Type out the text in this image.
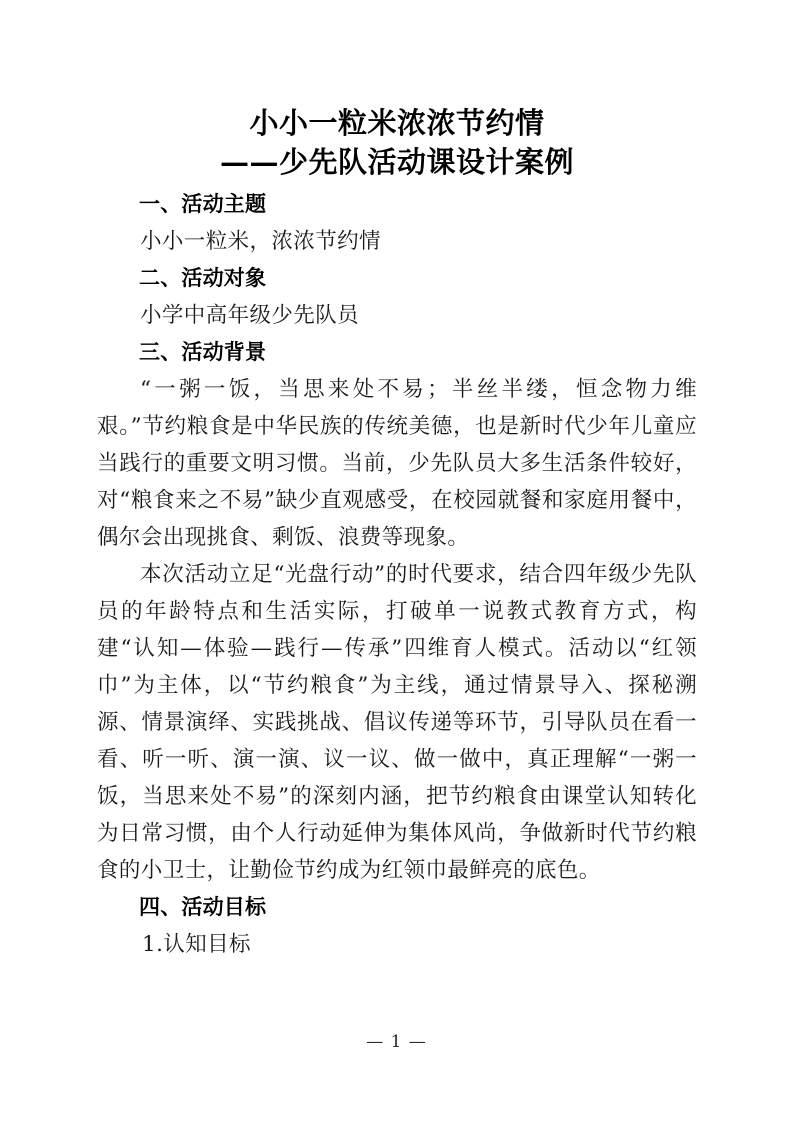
小小一粒米浓浓节约情
——少先队活动课设计案例
一、活动主题

小小一粒米，浓浓节约情

二、活动对象

小学中高年级少先队员

三、活动背景

“一粥一饭，当思来处不易；半丝半缕，恒念物力维艰。”节约粮食是中华民族的传统美德，也是新时代少年儿童应当践行的重要文明习惯。当前，少先队员大多生活条件较好，对“粮食来之不易”缺少直观感受，在校园就餐和家庭用餐中，偶尔会出现挑食、剩饭、浪费等现象。

本次活动立足“光盘行动”的时代要求，结合四年级少先队员的年龄特点和生活实际，打破单一说教式教育方式，构建“认知—体验—践行—传承”四维育人模式。活动以“红领巾”为主体，以“节约粮食”为主线，通过情景导入、探秘溯源、情景演绎、实践挑战、倡议传递等环节，引导队员在看一看、听一听、演一演、议一议、做一做中，真正理解“一粥一饭，当思来处不易”的深刻内涵，把节约粮食由课堂认知转化为日常习惯，由个人行动延伸为集体风尚，争做新时代节约粮食的小卫士，让勤俭节约成为红领巾最鲜亮的底色。

四、活动目标

1.认知目标

— 1 —
